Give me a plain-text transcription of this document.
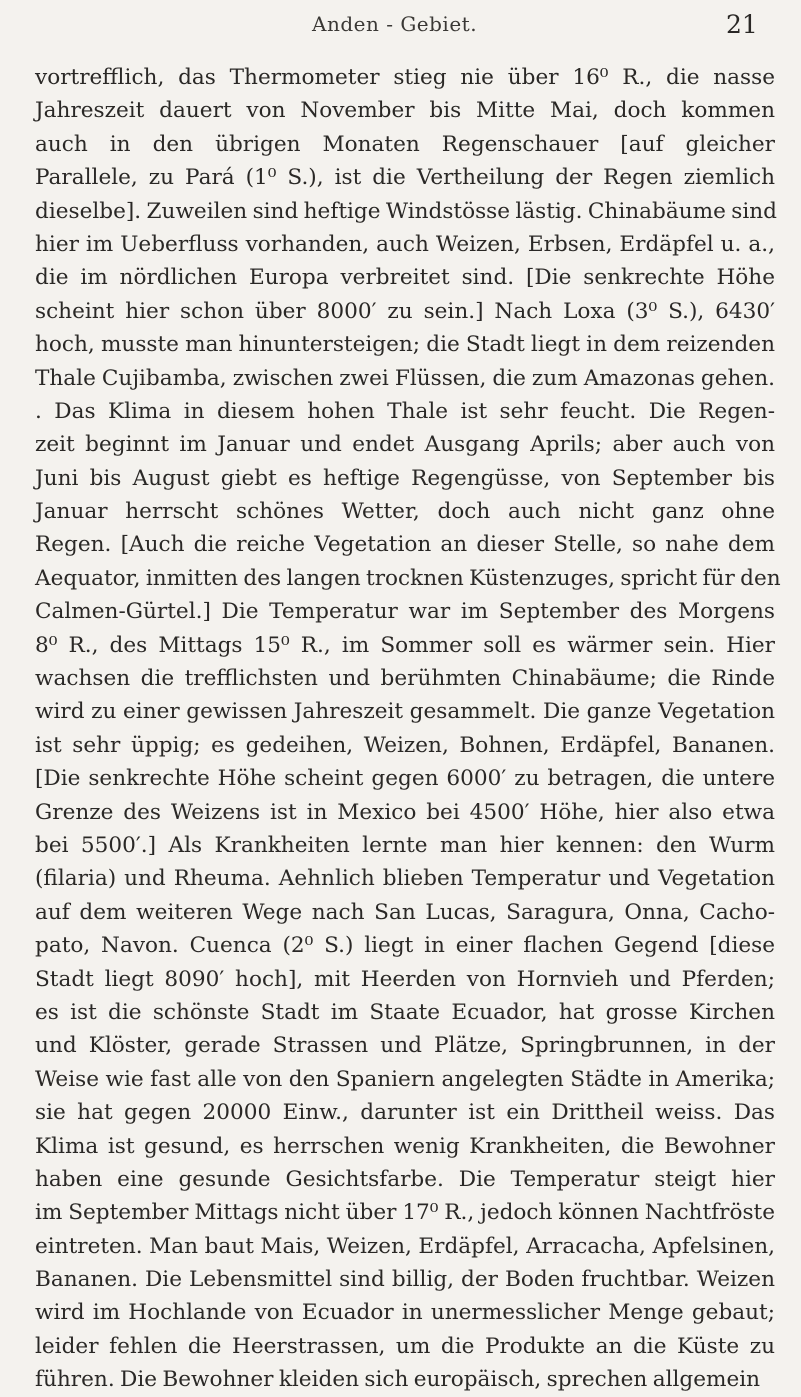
Anden - Gebiet.	21
vortrefflich, das Thermometer stieg nie über 16⁰ R., die nasse
Jahreszeit dauert von November bis Mitte Mai, doch kommen
auch in den übrigen Monaten Regenschauer [auf gleicher
Parallele, zu Pará (1⁰ S.), ist die Vertheilung der Regen ziemlich
dieselbe]. Zuweilen sind heftige Windstösse lästig. Chinabäume sind
hier im Ueberfluss vorhanden, auch Weizen, Erbsen, Erdäpfel u. a.,
die im nördlichen Europa verbreitet sind. [Die senkrechte Höhe
scheint hier schon über 8000′ zu sein.] Nach Loxa (3⁰ S.), 6430′
hoch, musste man hinuntersteigen; die Stadt liegt in dem reizenden
Thale Cujibamba, zwischen zwei Flüssen, die zum Amazonas gehen.
. Das Klima in diesem hohen Thale ist sehr feucht. Die Regen-
zeit beginnt im Januar und endet Ausgang Aprils; aber auch von
Juni bis August giebt es heftige Regengüsse, von September bis
Januar herrscht schönes Wetter, doch auch nicht ganz ohne
Regen. [Auch die reiche Vegetation an dieser Stelle, so nahe dem
Aequator, inmitten des langen trocknen Küstenzuges, spricht für den
Calmen-Gürtel.] Die Temperatur war im September des Morgens
8⁰ R., des Mittags 15⁰ R., im Sommer soll es wärmer sein. Hier
wachsen die trefflichsten und berühmten Chinabäume; die Rinde
wird zu einer gewissen Jahreszeit gesammelt. Die ganze Vegetation
ist sehr üppig; es gedeihen, Weizen, Bohnen, Erdäpfel, Bananen.
[Die senkrechte Höhe scheint gegen 6000′ zu betragen, die untere
Grenze des Weizens ist in Mexico bei 4500′ Höhe, hier also etwa
bei 5500′.] Als Krankheiten lernte man hier kennen: den Wurm
(filaria) und Rheuma. Aehnlich blieben Temperatur und Vegetation
auf dem weiteren Wege nach San Lucas, Saragura, Onna, Cacho-
pato, Navon. Cuenca (2⁰ S.) liegt in einer flachen Gegend [diese
Stadt liegt 8090′ hoch], mit Heerden von Hornvieh und Pferden;
es ist die schönste Stadt im Staate Ecuador, hat grosse Kirchen
und Klöster, gerade Strassen und Plätze, Springbrunnen, in der
Weise wie fast alle von den Spaniern angelegten Städte in Amerika;
sie hat gegen 20000 Einw., darunter ist ein Drittheil weiss. Das
Klima ist gesund, es herrschen wenig Krankheiten, die Bewohner
haben eine gesunde Gesichtsfarbe. Die Temperatur steigt hier
im September Mittags nicht über 17⁰ R., jedoch können Nachtfröste
eintreten. Man baut Mais, Weizen, Erdäpfel, Arracacha, Apfelsinen,
Bananen. Die Lebensmittel sind billig, der Boden fruchtbar. Weizen
wird im Hochlande von Ecuador in unermesslicher Menge gebaut;
leider fehlen die Heerstrassen, um die Produkte an die Küste zu
führen. Die Bewohner kleiden sich europäisch, sprechen allgemein
